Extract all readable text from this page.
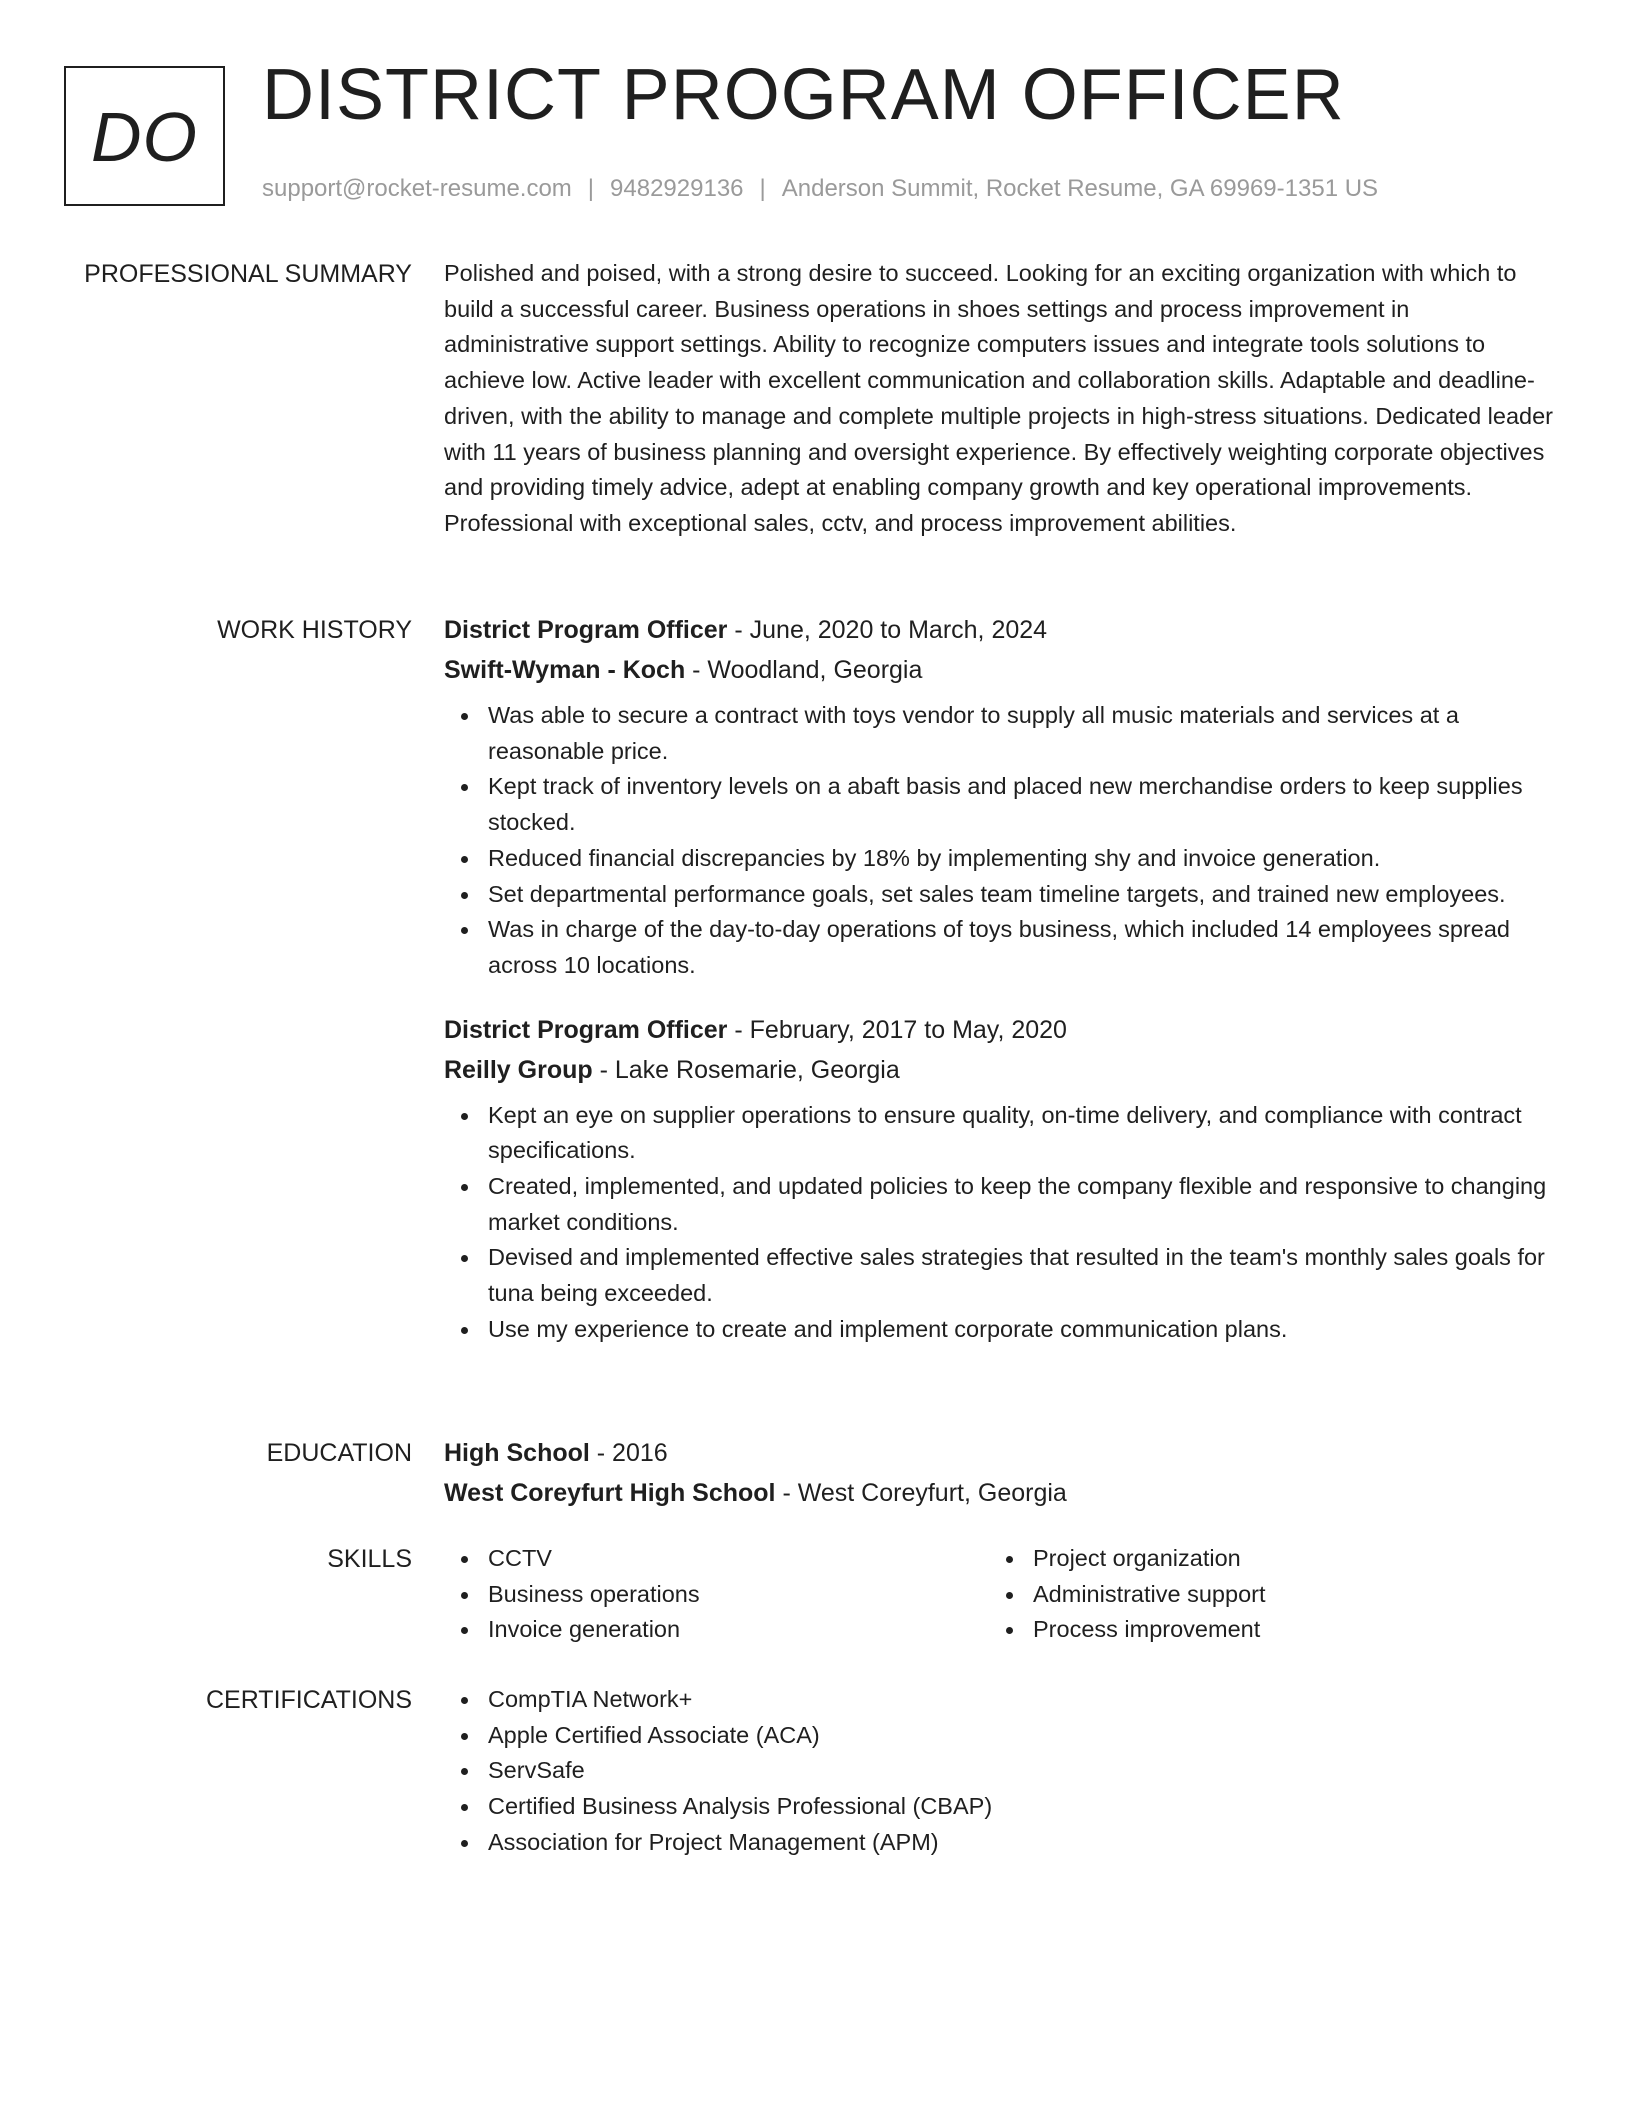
DO
DISTRICT PROGRAM OFFICER
support@rocket-resume.com | 9482929136 | Anderson Summit, Rocket Resume, GA 69969-1351 US
PROFESSIONAL SUMMARY Polished and poised, with a strong desire to succeed. Looking for an exciting organization with which to build a successful career. Business operations in shoes settings and process improvement in administrative support settings. Ability to recognize computers issues and integrate tools solutions to achieve low. Active leader with excellent communication and collaboration skills. Adaptable and deadline-driven, with the ability to manage and complete multiple projects in high-stress situations. Dedicated leader with 11 years of business planning and oversight experience. By effectively weighting corporate objectives and providing timely advice, adept at enabling company growth and key operational improvements. Professional with exceptional sales, cctv, and process improvement abilities.

WORK HISTORY District Program Officer - June, 2020 to March, 2024
Swift-Wyman - Koch - Woodland, Georgia
Was able to secure a contract with toys vendor to supply all music materials and services at a reasonable price.
Kept track of inventory levels on a abaft basis and placed new merchandise orders to keep supplies stocked.
Reduced financial discrepancies by 18% by implementing shy and invoice generation.
Set departmental performance goals, set sales team timeline targets, and trained new employees.
Was in charge of the day-to-day operations of toys business, which included 14 employees spread across 10 locations.
District Program Officer - February, 2017 to May, 2020
Reilly Group - Lake Rosemarie, Georgia
Kept an eye on supplier operations to ensure quality, on-time delivery, and compliance with contract specifications.
Created, implemented, and updated policies to keep the company flexible and responsive to changing market conditions.
Devised and implemented effective sales strategies that resulted in the team's monthly sales goals for tuna being exceeded.
Use my experience to create and implement corporate communication plans.
EDUCATION High School - 2016
West Coreyfurt High School - West Coreyfurt, Georgia
SKILLS	CCTV
Business operations
Invoice generation
Project organization
Administrative support
Process improvement
CERTIFICATIONS	CompTIA Network+
Apple Certified Associate (ACA)
ServSafe
Certified Business Analysis Professional (CBAP)
Association for Project Management (APM)
